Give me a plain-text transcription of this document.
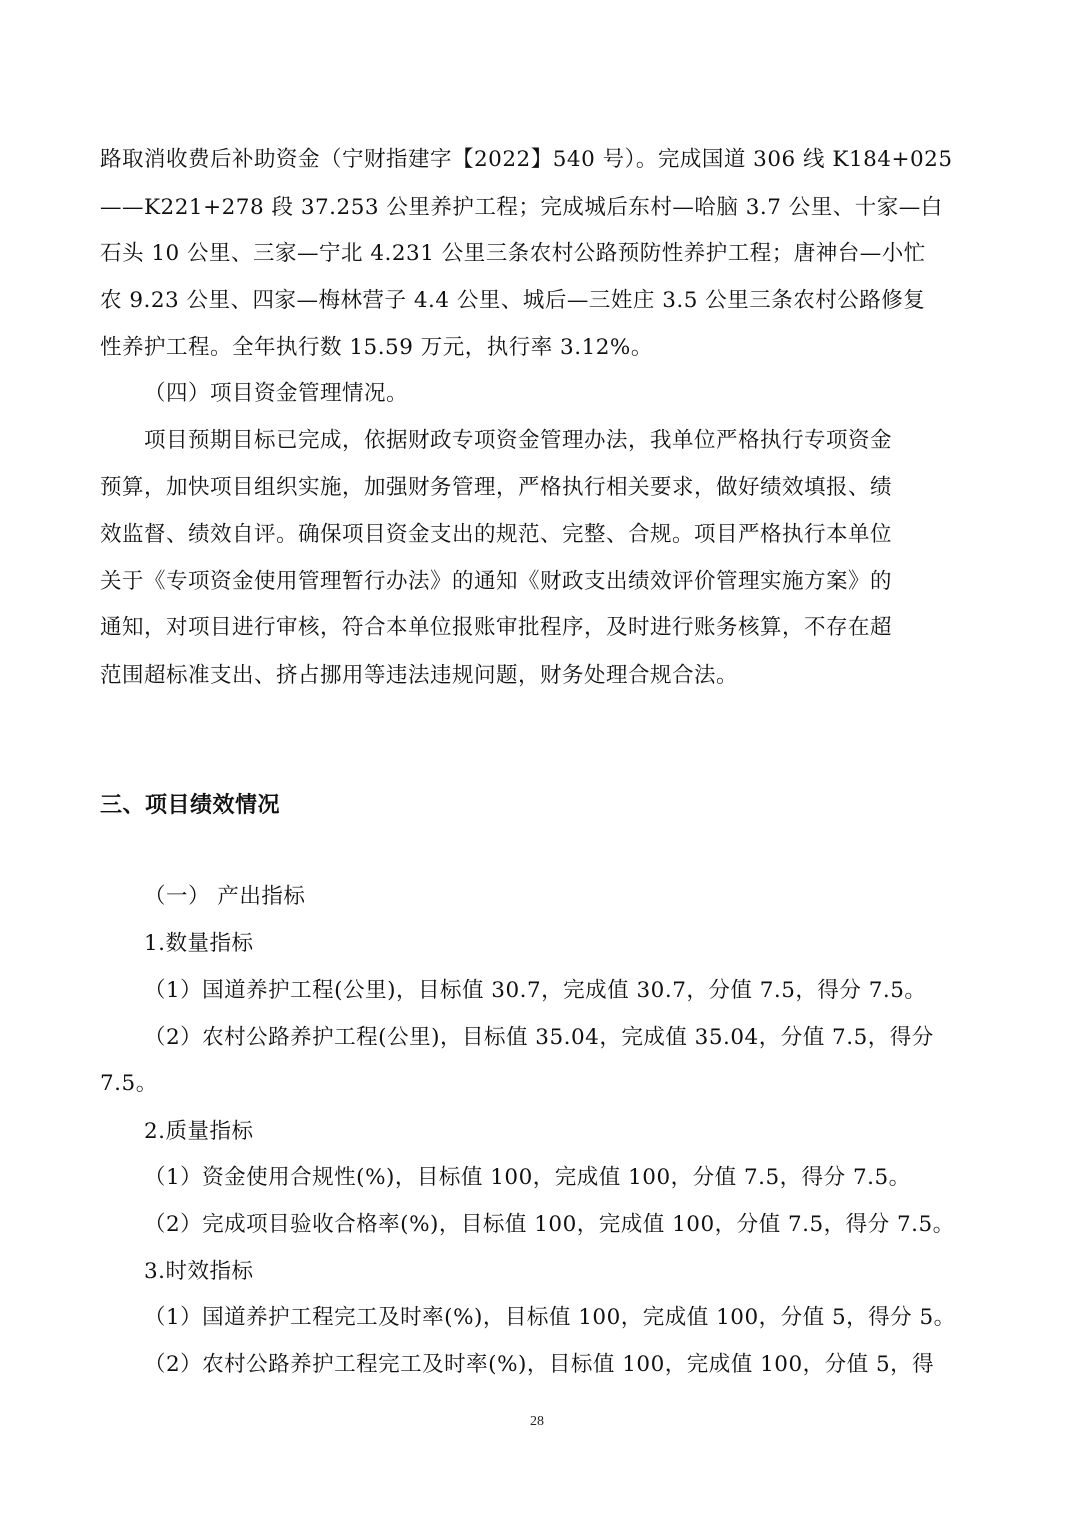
路取消收费后补助资金（宁财指建字【2022】540 号）。完成国道 306 线 K184+025
——K221+278 段 37.253 公里养护工程；完成城后东村—哈脑 3.7 公里、十家—白
石头 10 公里、三家—宁北 4.231 公里三条农村公路预防性养护工程；唐神台—小忙
农 9.23 公里、四家—梅林营子 4.4 公里、城后—三姓庄 3.5 公里三条农村公路修复
性养护工程。全年执行数 15.59 万元，执行率 3.12%。
（四）项目资金管理情况。
项目预期目标已完成，依据财政专项资金管理办法，我单位严格执行专项资金
预算，加快项目组织实施，加强财务管理，严格执行相关要求，做好绩效填报、绩
效监督、绩效自评。确保项目资金支出的规范、完整、合规。项目严格执行本单位
关于《专项资金使用管理暂行办法》的通知《财政支出绩效评价管理实施方案》的
通知，对项目进行审核，符合本单位报账审批程序，及时进行账务核算，不存在超
范围超标准支出、挤占挪用等违法违规问题，财务处理合规合法。
三、项目绩效情况
（一） 产出指标
1.数量指标
（1）国道养护工程(公里)，目标值 30.7，完成值 30.7，分值 7.5，得分 7.5。
（2）农村公路养护工程(公里)，目标值 35.04，完成值 35.04，分值 7.5，得分
7.5。
2.质量指标
（1）资金使用合规性(%)，目标值 100，完成值 100，分值 7.5，得分 7.5。
（2）完成项目验收合格率(%)，目标值 100，完成值 100，分值 7.5，得分 7.5。
3.时效指标
（1）国道养护工程完工及时率(%)，目标值 100，完成值 100，分值 5，得分 5。
（2）农村公路养护工程完工及时率(%)，目标值 100，完成值 100，分值 5，得
28
